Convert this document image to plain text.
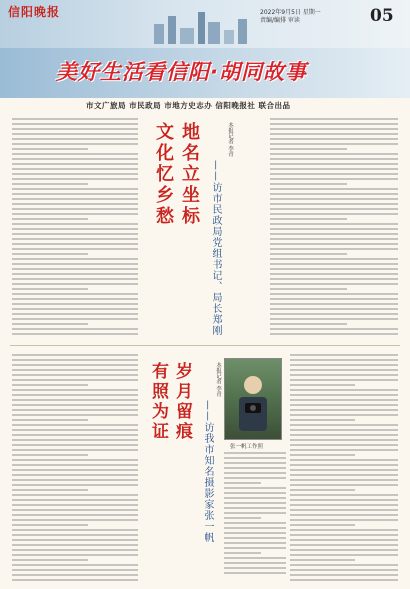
信阳晚报	2022年9月5日 星期一
责编/编排 审读	05
美好生活看信阳·胡同故事
市文广旅局 市民政局 市地方史志办 信阳晚报社 联合出品
地名立坐标
文化忆乡愁	——访市民政局党组书记、局长郑刚
本报记者 李青
岁月留痕
有照为证	——访我市知名摄影家张一帆
本报记者 李青
张一帆工作照
